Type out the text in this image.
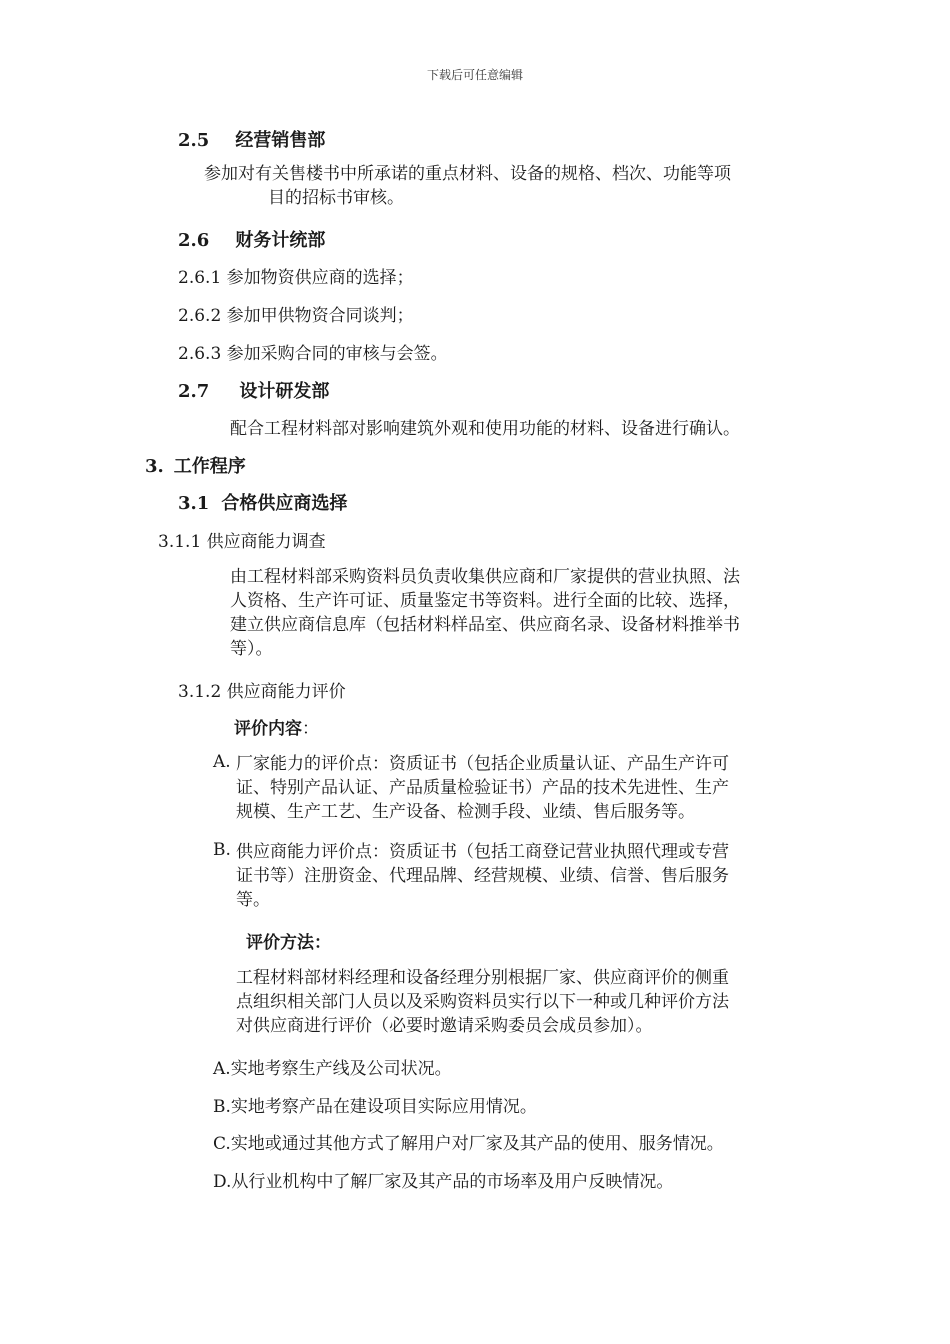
下载后可任意编辑
2.5 经营销售部
参加对有关售楼书中所承诺的重点材料、设备的规格、档次、功能等项
目的招标书审核。
2.6 财务计统部
2.6.1 参加物资供应商的选择；
2.6.2 参加甲供物资合同谈判；
2.6.3 参加采购合同的审核与会签。
2.7 设计研发部
配合工程材料部对影响建筑外观和使用功能的材料、设备进行确认。
3. 工作程序
3.1 合格供应商选择
3.1.1 供应商能力调查
由工程材料部采购资料员负责收集供应商和厂家提供的营业执照、法
人资格、生产许可证、质量鉴定书等资料。进行全面的比较、选择，
建立供应商信息库（包括材料样品室、供应商名录、设备材料推举书
等）。
3.1.2 供应商能力评价
评价内容：
A. 厂家能力的评价点：资质证书（包括企业质量认证、产品生产许可
证、特别产品认证、产品质量检验证书）产品的技术先进性、生产
规模、生产工艺、生产设备、检测手段、业绩、售后服务等。
B. 供应商能力评价点：资质证书（包括工商登记营业执照代理或专营
证书等）注册资金、代理品牌、经营规模、业绩、信誉、售后服务
等。
评价方法：
工程材料部材料经理和设备经理分别根据厂家、供应商评价的侧重
点组织相关部门人员以及采购资料员实行以下一种或几种评价方法
对供应商进行评价（必要时邀请采购委员会成员参加）。
A.实地考察生产线及公司状况。
B.实地考察产品在建设项目实际应用情况。
C.实地或通过其他方式了解用户对厂家及其产品的使用、服务情况。
D.从行业机构中了解厂家及其产品的市场率及用户反映情况。
